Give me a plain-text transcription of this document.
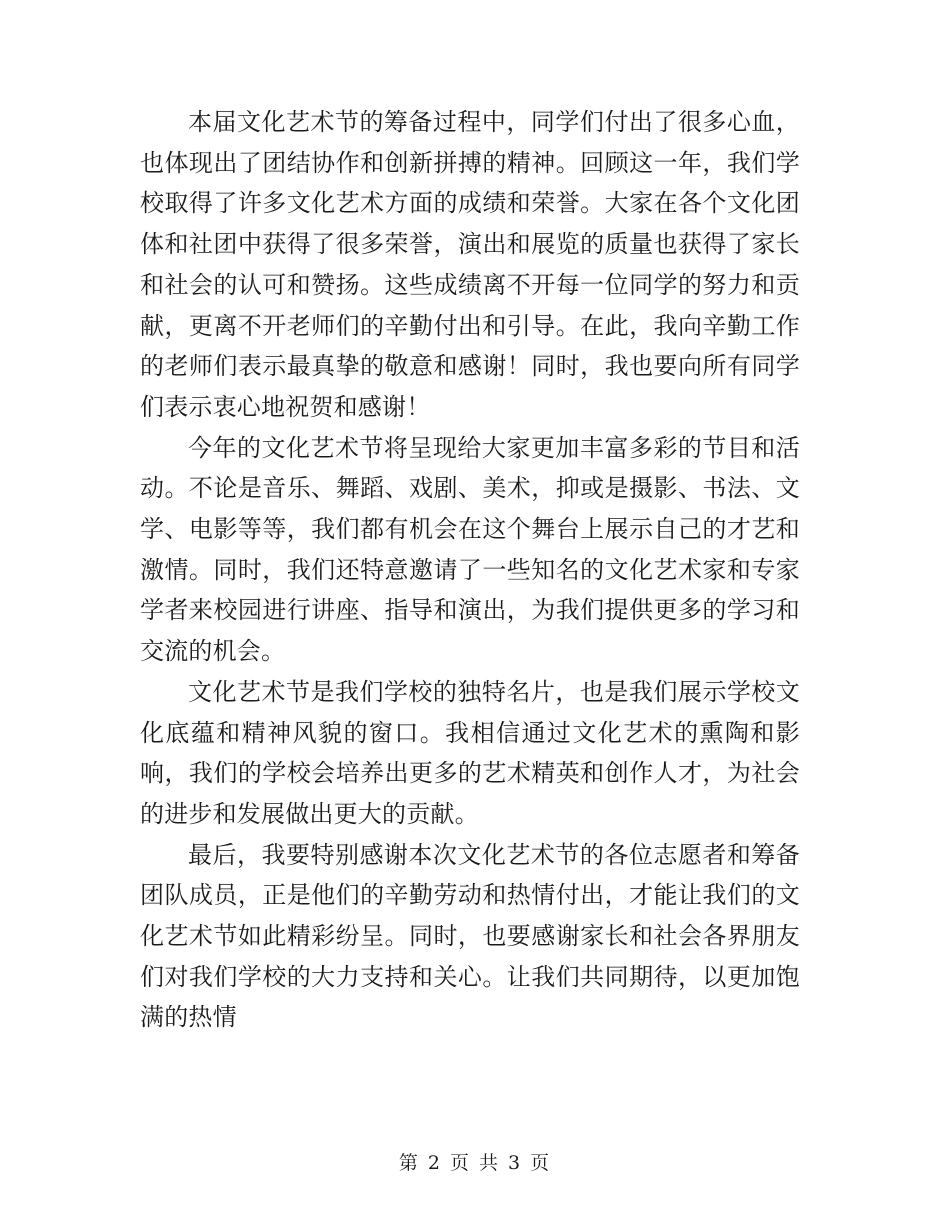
本届文化艺术节的筹备过程中，同学们付出了很多心血，也体现出了团结协作和创新拼搏的精神。回顾这一年，我们学校取得了许多文化艺术方面的成绩和荣誉。大家在各个文化团体和社团中获得了很多荣誉，演出和展览的质量也获得了家长和社会的认可和赞扬。这些成绩离不开每一位同学的努力和贡献，更离不开老师们的辛勤付出和引导。在此，我向辛勤工作的老师们表示最真挚的敬意和感谢！同时，我也要向所有同学们表示衷心地祝贺和感谢！

今年的文化艺术节将呈现给大家更加丰富多彩的节目和活动。不论是音乐、舞蹈、戏剧、美术，抑或是摄影、书法、文学、电影等等，我们都有机会在这个舞台上展示自己的才艺和激情。同时，我们还特意邀请了一些知名的文化艺术家和专家学者来校园进行讲座、指导和演出，为我们提供更多的学习和交流的机会。

文化艺术节是我们学校的独特名片，也是我们展示学校文化底蕴和精神风貌的窗口。我相信通过文化艺术的熏陶和影响，我们的学校会培养出更多的艺术精英和创作人才，为社会的进步和发展做出更大的贡献。

最后，我要特别感谢本次文化艺术节的各位志愿者和筹备团队成员，正是他们的辛勤劳动和热情付出，才能让我们的文化艺术节如此精彩纷呈。同时，也要感谢家长和社会各界朋友们对我们学校的大力支持和关心。让我们共同期待，以更加饱满的热情

第 2 页 共 3 页
